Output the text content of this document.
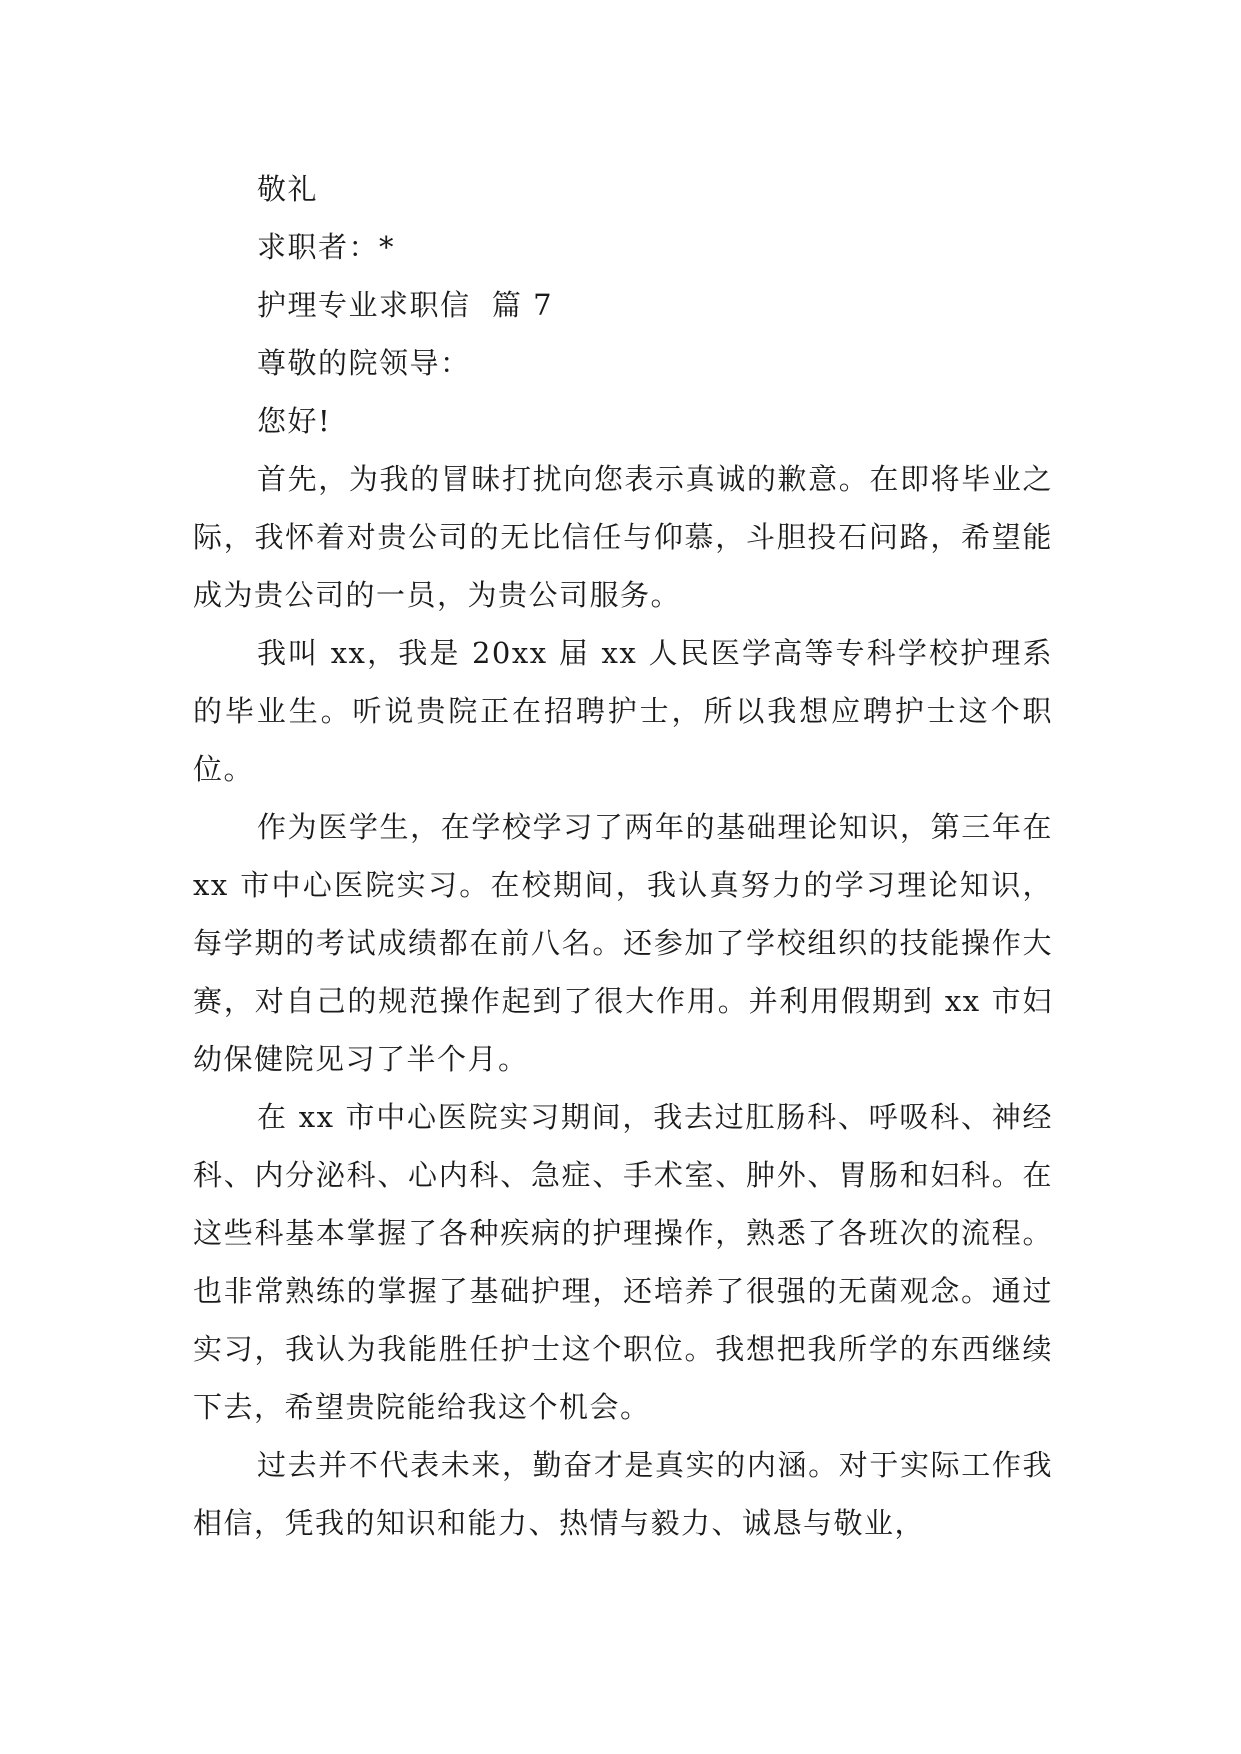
敬礼
求职者：*
护理专业求职信  篇 7
尊敬的院领导：
您好!

首先，为我的冒昧打扰向您表示真诚的歉意。在即将毕业之际，我怀着对贵公司的无比信任与仰慕，斗胆投石问路，希望能成为贵公司的一员，为贵公司服务。

我叫 xx，我是 20xx 届 xx 人民医学高等专科学校护理系的毕业生。听说贵院正在招聘护士，所以我想应聘护士这个职位。

作为医学生，在学校学习了两年的基础理论知识，第三年在 xx 市中心医院实习。在校期间，我认真努力的学习理论知识，每学期的考试成绩都在前八名。还参加了学校组织的技能操作大赛，对自己的规范操作起到了很大作用。并利用假期到 xx 市妇幼保健院见习了半个月。

在 xx 市中心医院实习期间，我去过肛肠科、呼吸科、神经科、内分泌科、心内科、急症、手术室、肿外、胃肠和妇科。在这些科基本掌握了各种疾病的护理操作，熟悉了各班次的流程。也非常熟练的掌握了基础护理，还培养了很强的无菌观念。通过实习，我认为我能胜任护士这个职位。我想把我所学的东西继续下去，希望贵院能给我这个机会。

过去并不代表未来，勤奋才是真实的内涵。对于实际工作我相信，凭我的知识和能力、热情与毅力、诚恳与敬业，
